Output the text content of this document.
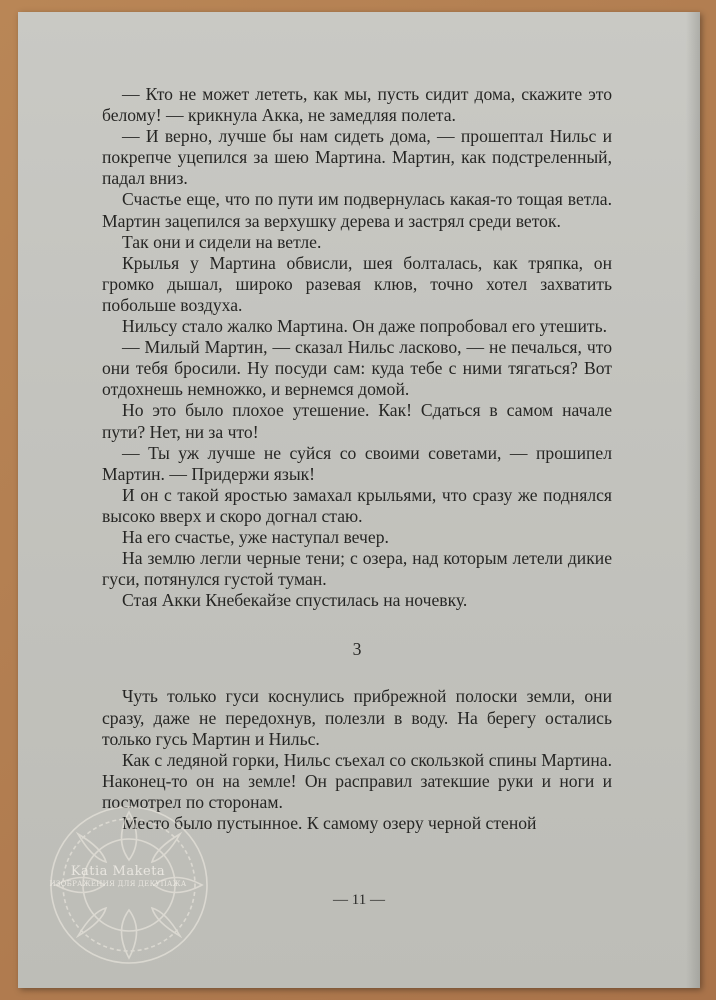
— Кто не может лететь, как мы, пусть сидит дома, скажите это белому! — крикнула Акка, не замедляя полета.

— И верно, лучше бы нам сидеть дома, — прошептал Нильс и покрепче уцепился за шею Мартина. Мартин, как подстреленный, падал вниз.

Счастье еще, что по пути им подвернулась какая-то тощая ветла. Мартин зацепился за верхушку дерева и застрял среди веток.

Так они и сидели на ветле.

Крылья у Мартина обвисли, шея болталась, как тряпка, он громко дышал, широко разевая клюв, точно хотел захватить побольше воздуха.

Нильсу стало жалко Мартина. Он даже попробовал его утешить.

— Милый Мартин, — сказал Нильс ласково, — не печалься, что они тебя бросили. Ну посуди сам: куда тебе с ними тягаться? Вот отдохнешь немножко, и вернемся домой.

Но это было плохое утешение. Как! Сдаться в самом начале пути? Нет, ни за что!

— Ты уж лучше не суйся со своими советами, — прошипел Мартин. — Придержи язык!

И он с такой яростью замахал крыльями, что сразу же поднялся высоко вверх и скоро догнал стаю.

На его счастье, уже наступал вечер.

На землю легли черные тени; с озера, над которым летели дикие гуси, потянулся густой туман.

Стая Акки Кнебекайзе спустилась на ночевку.

3

Чуть только гуси коснулись прибрежной полоски земли, они сразу, даже не передохнув, полезли в воду. На берегу остались только гусь Мартин и Нильс.

Как с ледяной горки, Нильс съехал со скользкой спины Мартина. Наконец-то он на земле! Он расправил затекшие руки и ноги и посмотрел по сторонам.

Место было пустынное. К самому озеру черной стеной

— 11 —
Katia Maketa
ИЗОБРАЖЕНИЯ ДЛЯ ДЕКУПАЖА
